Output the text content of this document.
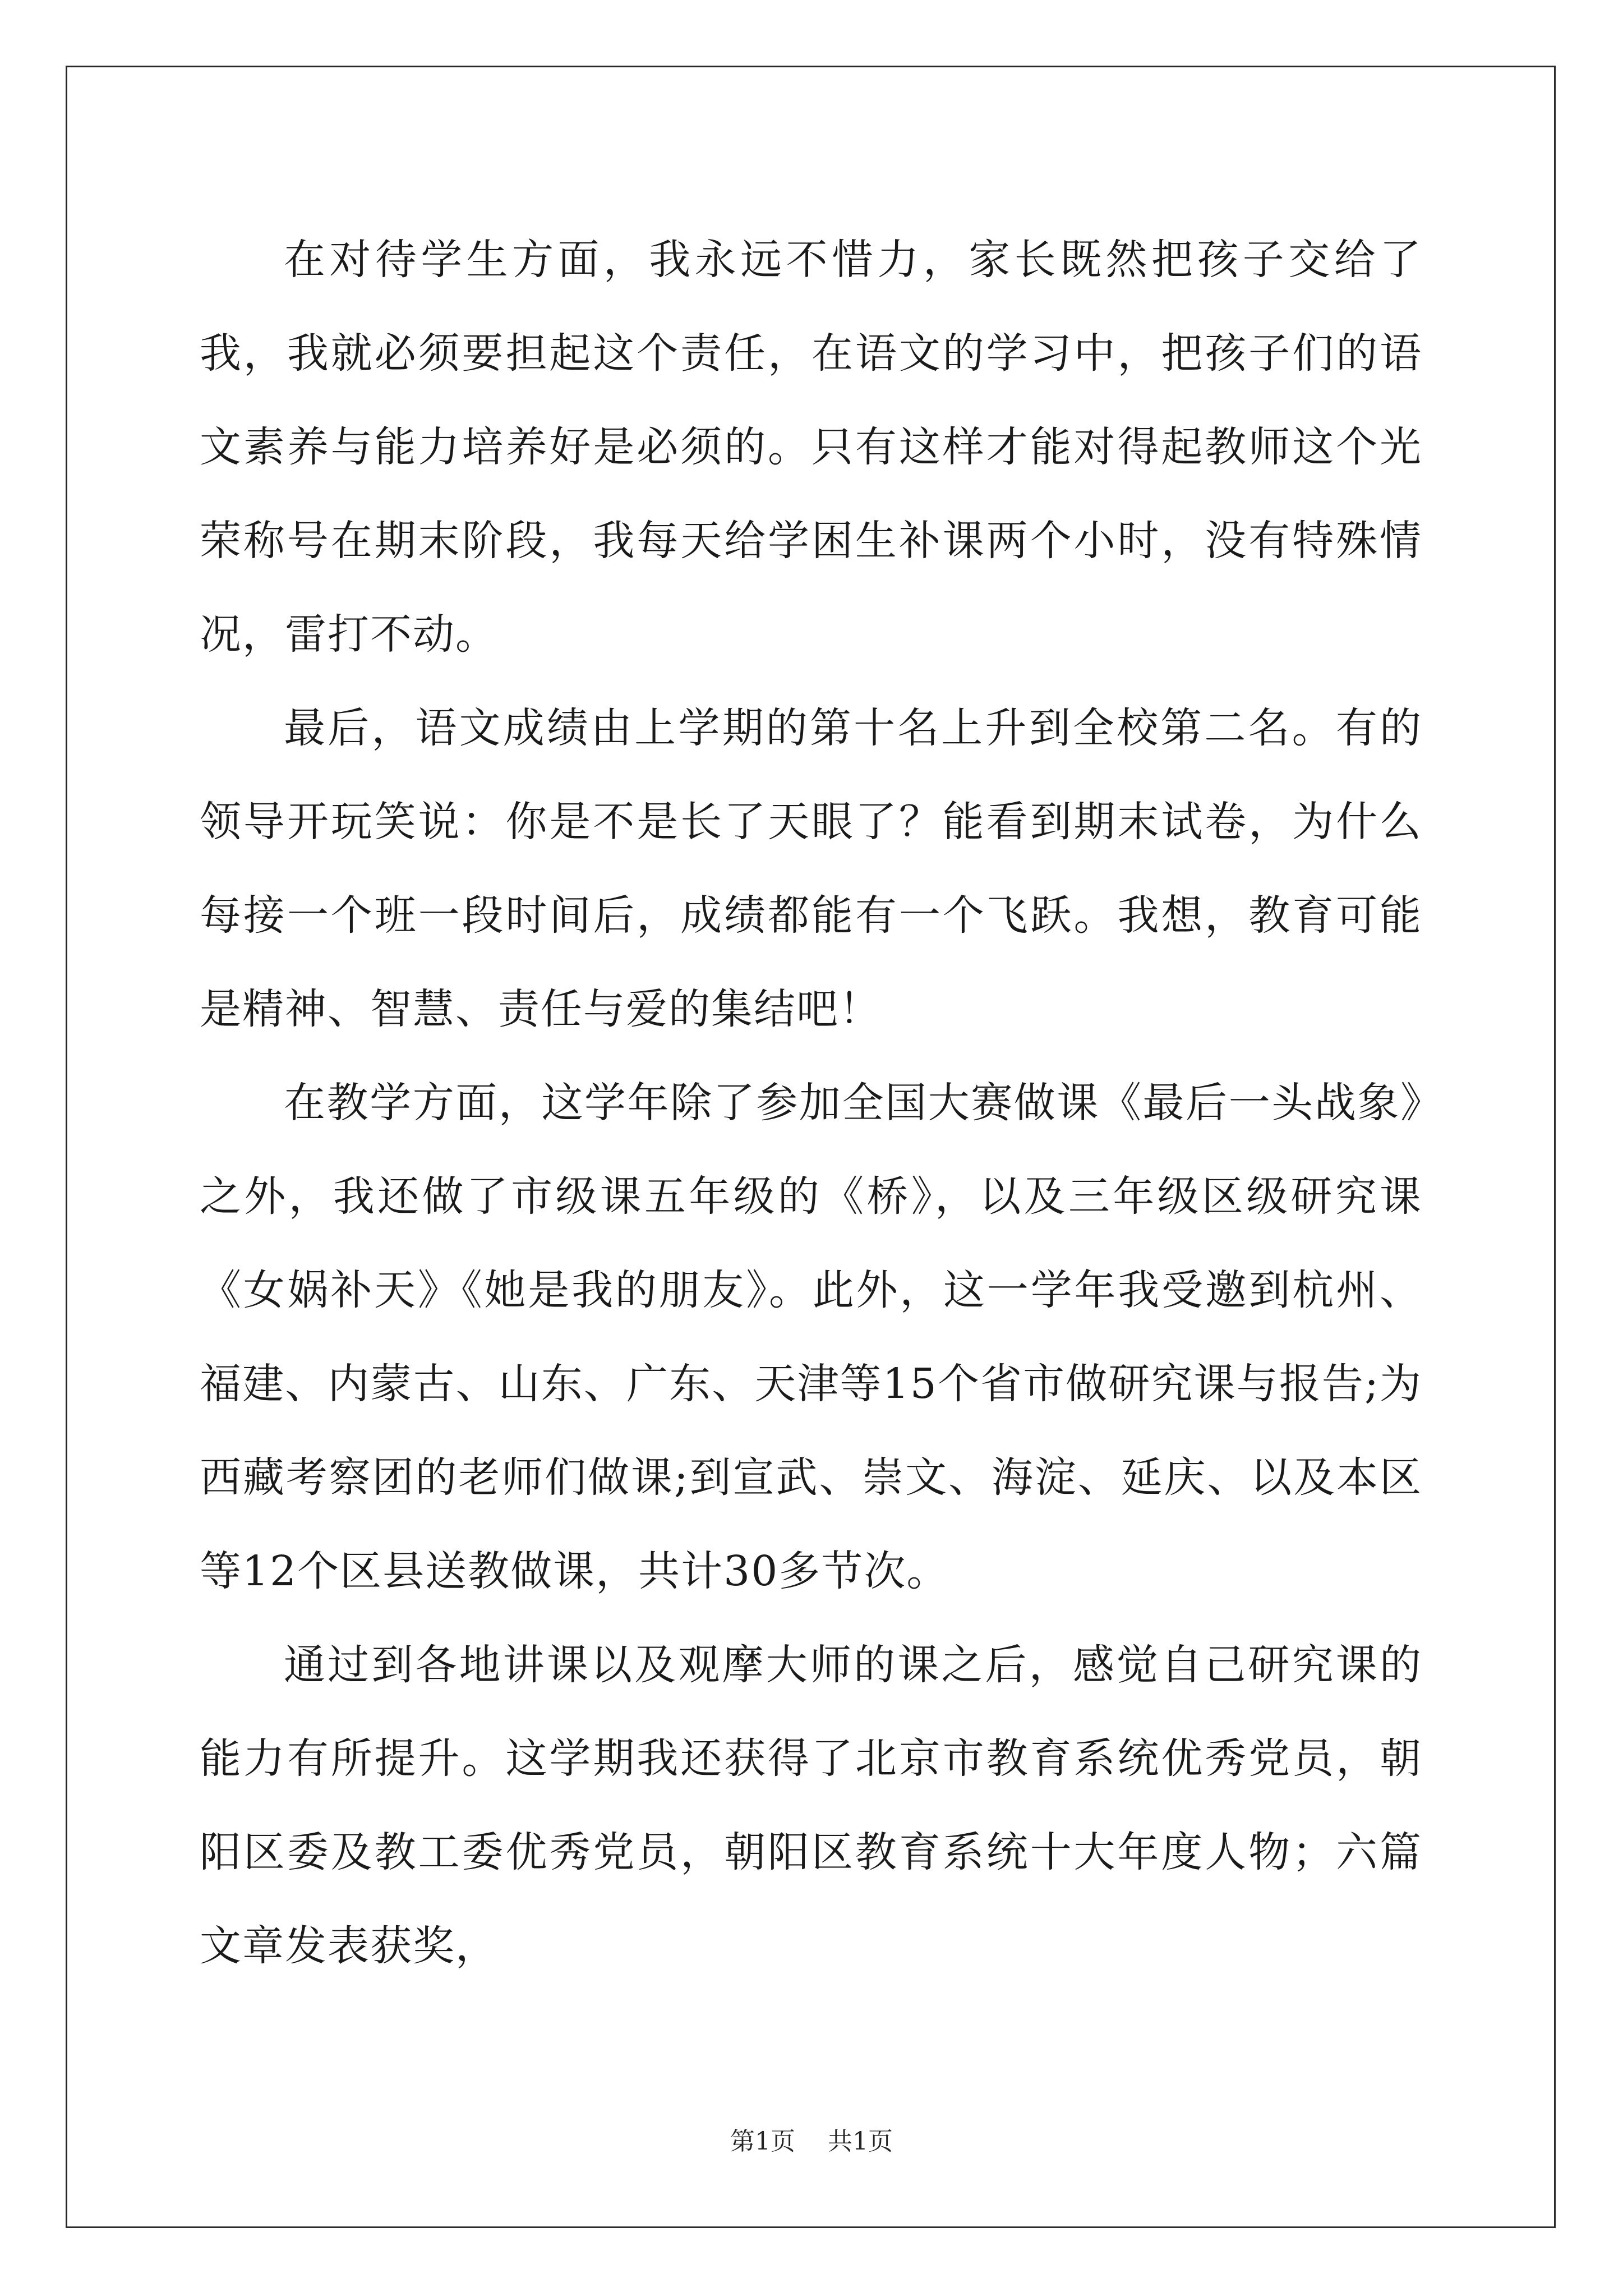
在对待学生方面，我永远不惜力，家长既然把孩子交给了我，我就必须要担起这个责任，在语文的学习中，把孩子们的语文素养与能力培养好是必须的。只有这样才能对得起教师这个光荣称号在期末阶段，我每天给学困生补课两个小时，没有特殊情况，雷打不动。

最后，语文成绩由上学期的第十名上升到全校第二名。有的领导开玩笑说：你是不是长了天眼了？能看到期末试卷，为什么每接一个班一段时间后，成绩都能有一个飞跃。我想，教育可能是精神、智慧、责任与爱的集结吧！

在教学方面，这学年除了参加全国大赛做课《最后一头战象》之外，我还做了市级课五年级的《桥》，以及三年级区级研究课《女娲补天》《她是我的朋友》。此外，这一学年我受邀到杭州、福建、内蒙古、山东、广东、天津等15个省市做研究课与报告;为西藏考察团的老师们做课;到宣武、崇文、海淀、延庆、以及本区等12个区县送教做课，共计30多节次。

通过到各地讲课以及观摩大师的课之后，感觉自己研究课的能力有所提升。这学期我还获得了北京市教育系统优秀党员，朝阳区委及教工委优秀党员，朝阳区教育系统十大年度人物；六篇文章发表获奖，

第1页 共1页
